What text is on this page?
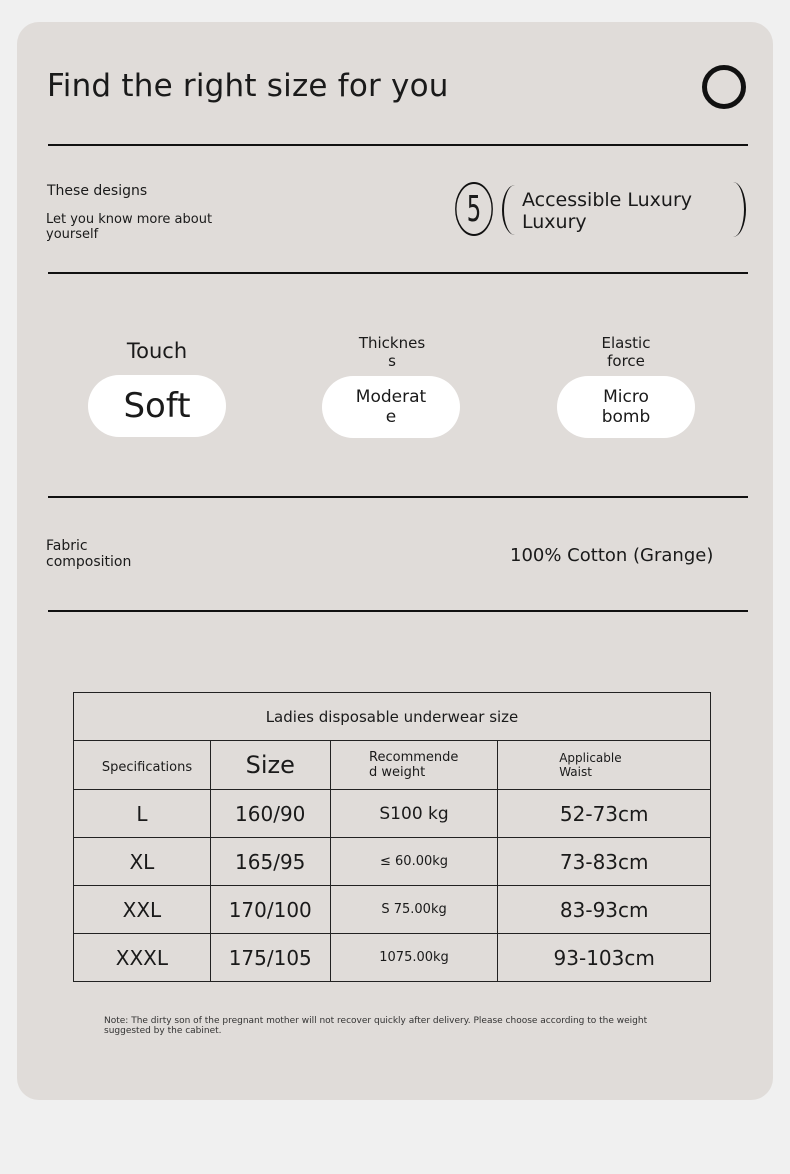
Find the right size for you
These designs
Let you know more about yourself
5	Accessible Luxury
Luxury
Touch
Soft
Thickness
Moderate
Elastic force
Micro bomb
Fabric composition	100% Cotton (Grange)
Ladies disposable underwear size			
Specifications	Size	Recommended weight	Applicable Waist
L	160/90	S100 kg	52-73cm
XL	165/95	≤ 60.00kg	73-83cm
XXL	170/100	S 75.00kg	83-93cm
XXXL	175/105	1075.00kg	93-103cm
Note: The dirty son of the pregnant mother will not recover quickly after delivery. Please choose according to the weight suggested by the cabinet.
